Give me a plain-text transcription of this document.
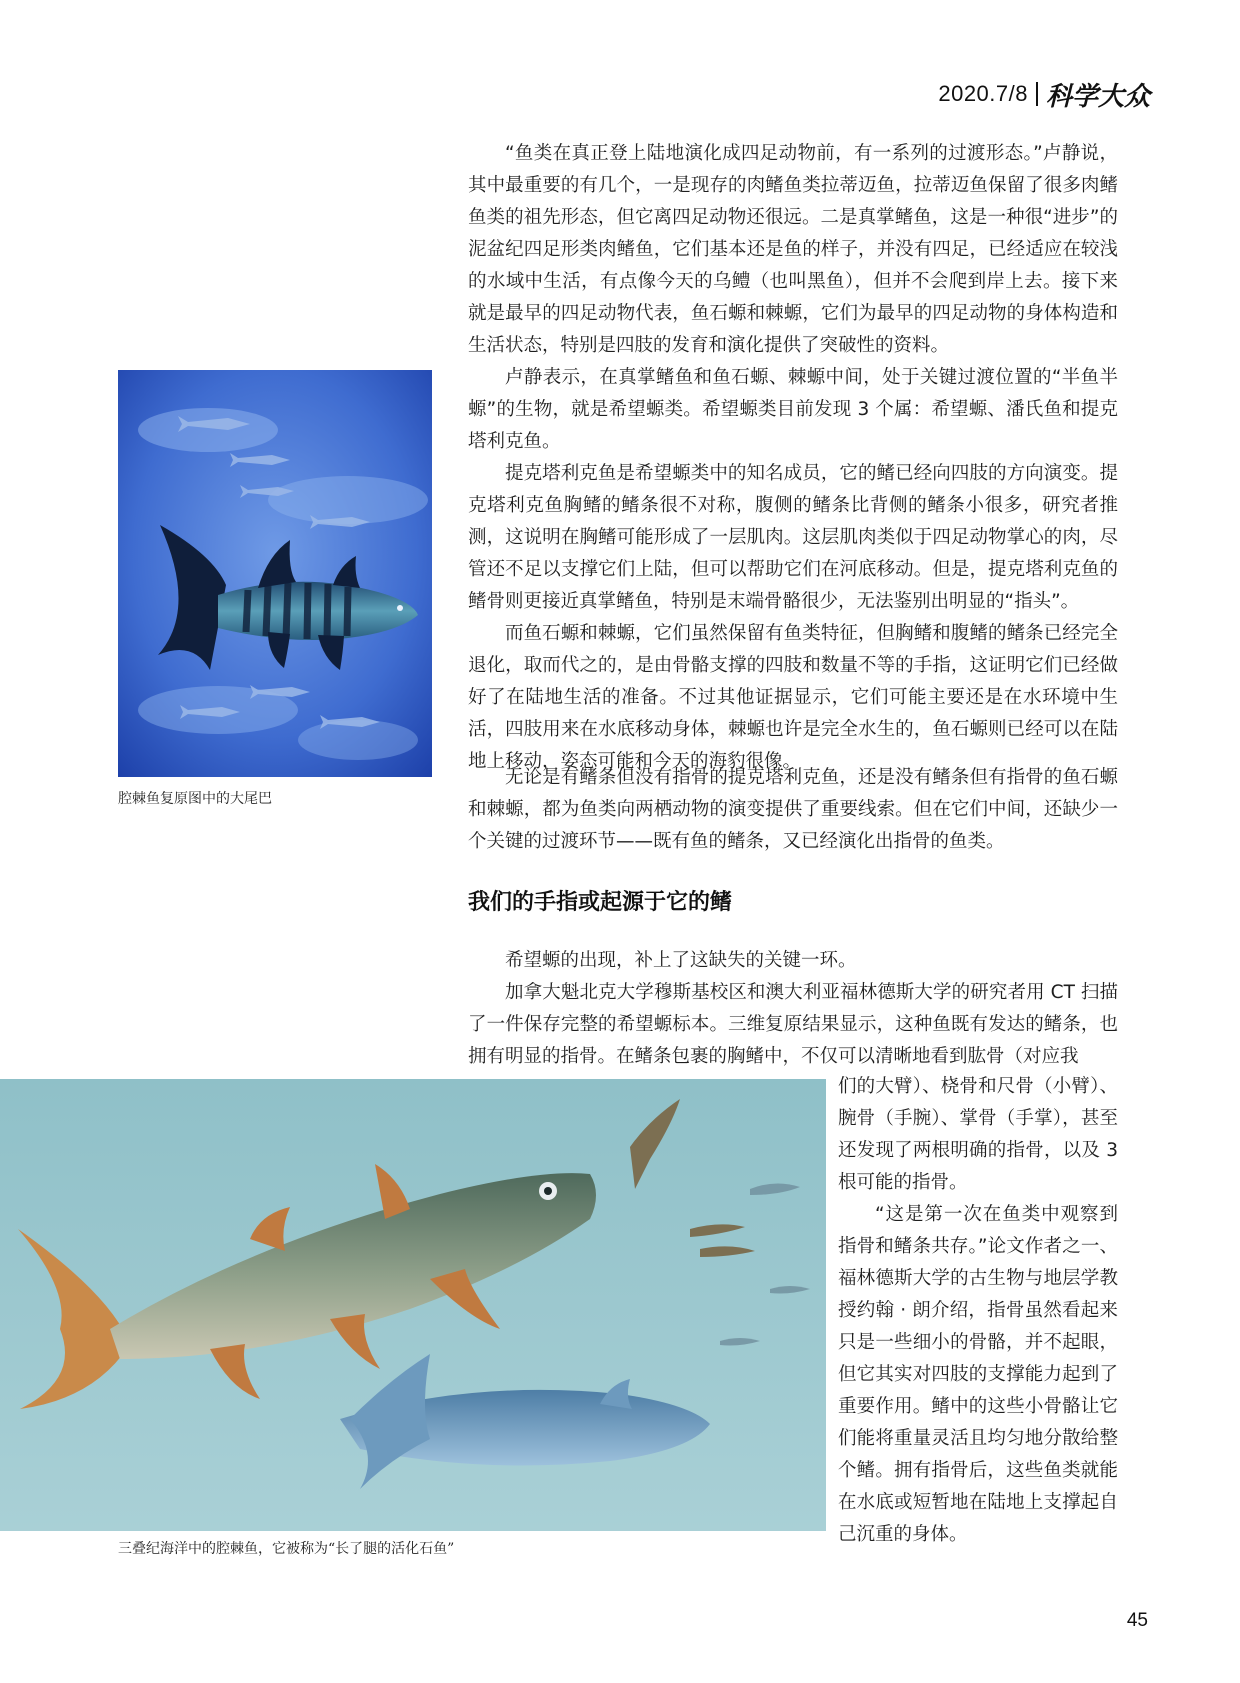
2020.7/8 科学大众

“鱼类在真正登上陆地演化成四足动物前，有一系列的过渡形态。”卢静说，其中最重要的有几个，一是现存的肉鳍鱼类拉蒂迈鱼，拉蒂迈鱼保留了很多肉鳍鱼类的祖先形态，但它离四足动物还很远。二是真掌鳍鱼，这是一种很“进步”的泥盆纪四足形类肉鳍鱼，它们基本还是鱼的样子，并没有四足，已经适应在较浅的水域中生活，有点像今天的乌鳢（也叫黑鱼），但并不会爬到岸上去。接下来就是最早的四足动物代表，鱼石螈和棘螈，它们为最早的四足动物的身体构造和生活状态，特别是四肢的发育和演化提供了突破性的资料。

卢静表示，在真掌鳍鱼和鱼石螈、棘螈中间，处于关键过渡位置的“半鱼半螈”的生物，就是希望螈类。希望螈类目前发现 3 个属：希望螈、潘氏鱼和提克塔利克鱼。

提克塔利克鱼是希望螈类中的知名成员，它的鳍已经向四肢的方向演变。提克塔利克鱼胸鳍的鳍条很不对称，腹侧的鳍条比背侧的鳍条小很多，研究者推测，这说明在胸鳍可能形成了一层肌肉。这层肌肉类似于四足动物掌心的肉，尽管还不足以支撑它们上陆，但可以帮助它们在河底移动。但是，提克塔利克鱼的鳍骨则更接近真掌鳍鱼，特别是末端骨骼很少，无法鉴别出明显的“指头”。

而鱼石螈和棘螈，它们虽然保留有鱼类特征，但胸鳍和腹鳍的鳍条已经完全退化，取而代之的，是由骨骼支撑的四肢和数量不等的手指，这证明它们已经做好了在陆地生活的准备。不过其他证据显示，它们可能主要还是在水环境中生活，四肢用来在水底移动身体，棘螈也许是完全水生的，鱼石螈则已经可以在陆地上移动，姿态可能和今天的海豹很像。

无论是有鳍条但没有指骨的提克塔利克鱼，还是没有鳍条但有指骨的鱼石螈和棘螈，都为鱼类向两栖动物的演变提供了重要线索。但在它们中间，还缺少一个关键的过渡环节——既有鱼的鳍条，又已经演化出指骨的鱼类。

我们的手指或起源于它的鳍

希望螈的出现，补上了这缺失的关键一环。

加拿大魁北克大学穆斯基校区和澳大利亚福林德斯大学的研究者用 CT 扫描了一件保存完整的希望螈标本。三维复原结果显示，这种鱼既有发达的鳍条，也拥有明显的指骨。在鳍条包裹的胸鳍中，不仅可以清晰地看到肱骨（对应我

们的大臂）、桡骨和尺骨（小臂）、腕骨（手腕）、掌骨（手掌），甚至还发现了两根明确的指骨，以及 3 根可能的指骨。

“这是第一次在鱼类中观察到指骨和鳍条共存。”论文作者之一、福林德斯大学的古生物与地层学教授约翰 · 朗介绍，指骨虽然看起来只是一些细小的骨骼，并不起眼，但它其实对四肢的支撑能力起到了重要作用。鳍中的这些小骨骼让它们能将重量灵活且均匀地分散给整个鳍。拥有指骨后，这些鱼类就能在水底或短暂地在陆地上支撑起自己沉重的身体。

腔棘鱼复原图中的大尾巴

三叠纪海洋中的腔棘鱼，它被称为“长了腿的活化石鱼”

45
